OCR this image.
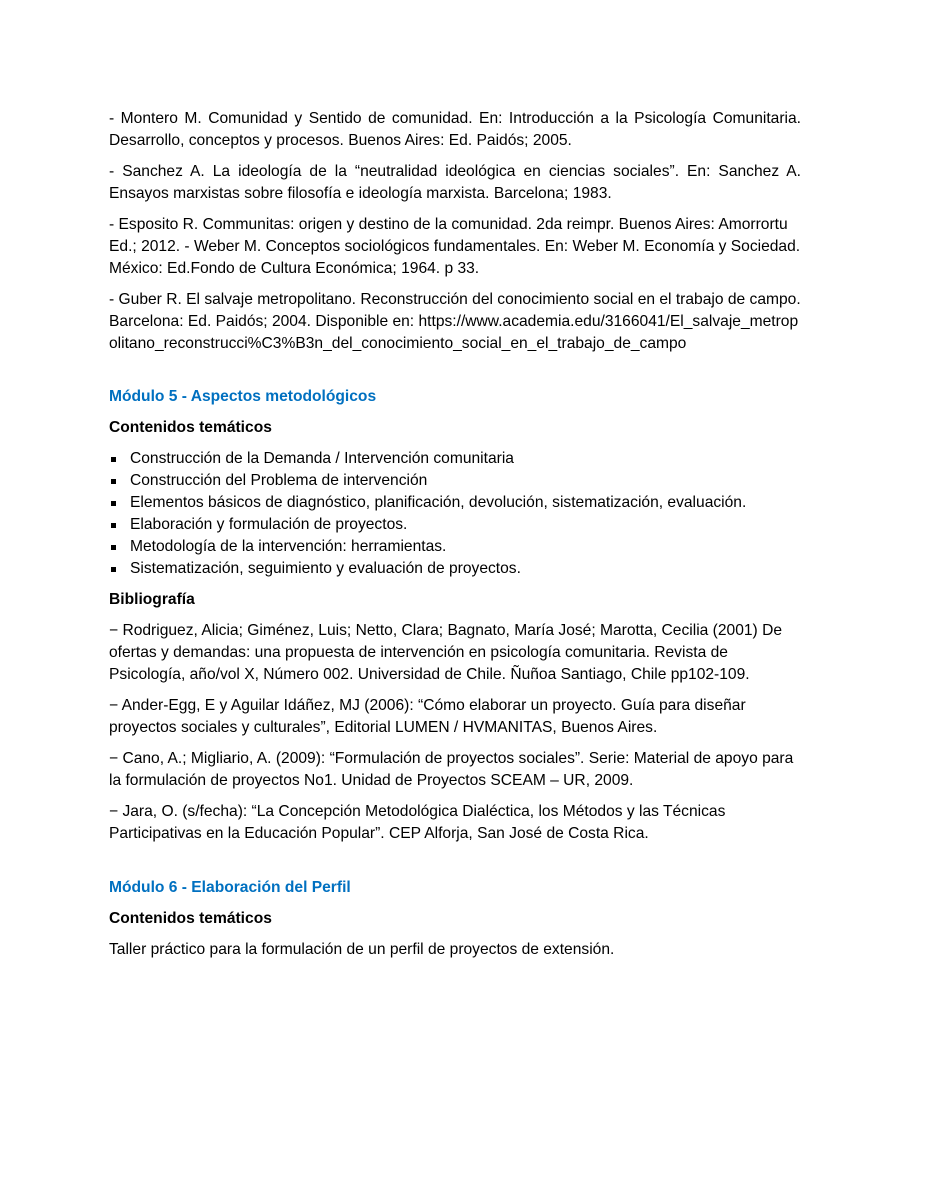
- Montero M. Comunidad y Sentido de comunidad. En: Introducción a la Psicología Comunitaria. Desarrollo, conceptos y procesos. Buenos Aires: Ed. Paidós; 2005.

- Sanchez A. La ideología de la “neutralidad ideológica en ciencias sociales”. En: Sanchez A. Ensayos marxistas sobre filosofía e ideología marxista. Barcelona; 1983.

- Esposito R. Communitas: origen y destino de la comunidad. 2da reimpr. Buenos Aires: Amorrortu Ed.; 2012. - Weber M. Conceptos sociológicos fundamentales. En: Weber M. Economía y Sociedad. México: Ed.Fondo de Cultura Económica; 1964. p 33.

- Guber R. El salvaje metropolitano. Reconstrucción del conocimiento social en el trabajo de campo. Barcelona: Ed. Paidós; 2004. Disponible en: https://www.academia.edu/3166041/El_salvaje_metropolitano_reconstrucci%C3%B3n_del_conocimiento_social_en_el_trabajo_de_campo

Módulo 5 - Aspectos metodológicos
Contenidos temáticos
Construcción de la Demanda / Intervención comunitaria
Construcción del Problema de intervención
Elementos básicos de diagnóstico, planificación, devolución, sistematización, evaluación.
Elaboración y formulación de proyectos.
Metodología de la intervención: herramientas.
Sistematización, seguimiento y evaluación de proyectos.
Bibliografía

− Rodriguez, Alicia; Giménez, Luis; Netto, Clara; Bagnato, María José; Marotta, Cecilia (2001) De ofertas y demandas: una propuesta de intervención en psicología comunitaria. Revista de Psicología, año/vol X, Número 002. Universidad de Chile. Ñuñoa Santiago, Chile pp102-109.

− Ander-Egg, E y Aguilar Idáñez, MJ (2006): “Cómo elaborar un proyecto. Guía para diseñar proyectos sociales y culturales”, Editorial LUMEN / HVMANITAS, Buenos Aires.

− Cano, A.; Migliario, A. (2009): “Formulación de proyectos sociales”. Serie: Material de apoyo para la formulación de proyectos No1. Unidad de Proyectos SCEAM – UR, 2009.

− Jara, O. (s/fecha): “La Concepción Metodológica Dialéctica, los Métodos y las Técnicas Participativas en la Educación Popular”. CEP Alforja, San José de Costa Rica.

Módulo 6 - Elaboración del Perfil
Contenidos temáticos

Taller práctico para la formulación de un perfil de proyectos de extensión.
